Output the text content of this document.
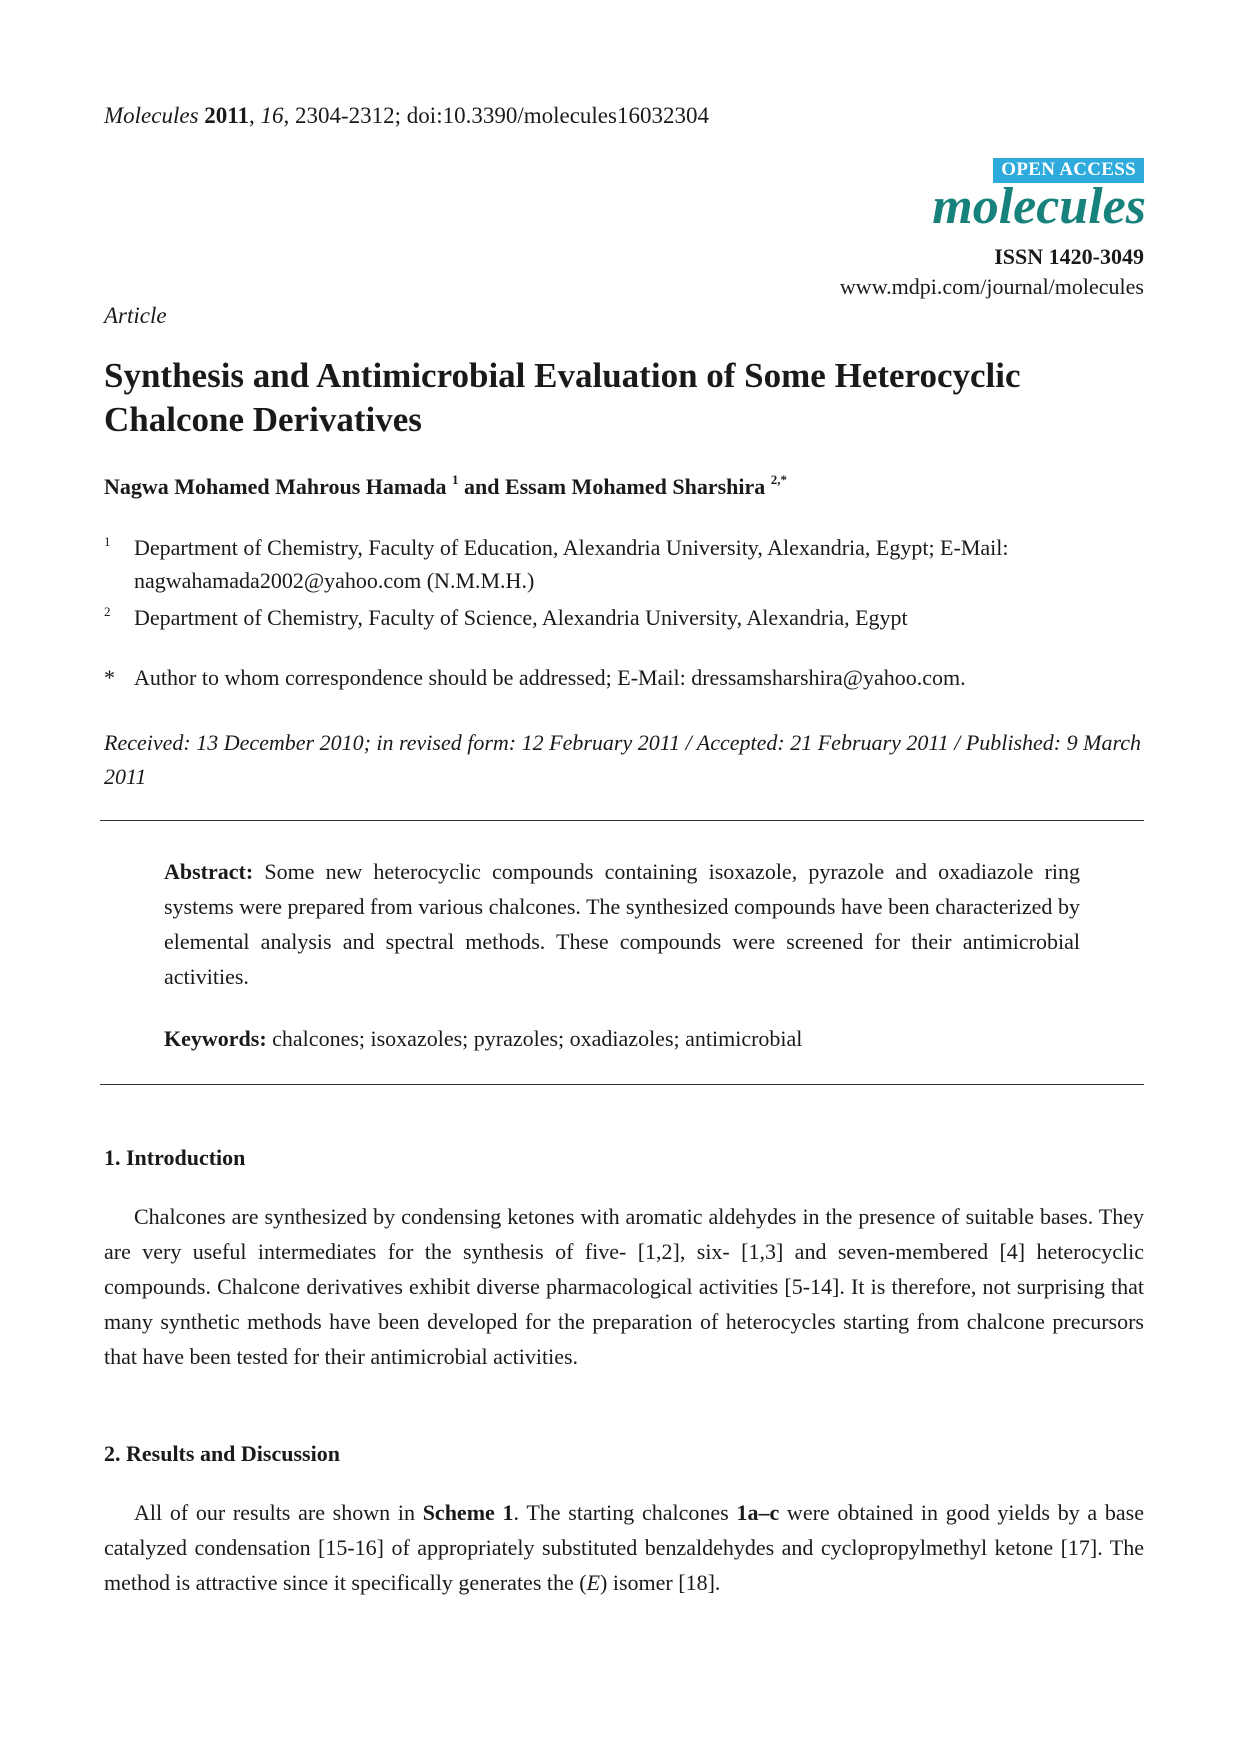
Molecules 2011, 16, 2304-2312; doi:10.3390/molecules16032304
OPEN ACCESS
molecules
ISSN 1420-3049
www.mdpi.com/journal/molecules
Article
Synthesis and Antimicrobial Evaluation of Some Heterocyclic Chalcone Derivatives
Nagwa Mohamed Mahrous Hamada $^1$ and Essam Mohamed Sharshira $^{2,*}$
1 Department of Chemistry, Faculty of Education, Alexandria University, Alexandria, Egypt; E-Mail: nagwahamada2002@yahoo.com (N.M.M.H.)
2 Department of Chemistry, Faculty of Science, Alexandria University, Alexandria, Egypt
* Author to whom correspondence should be addressed; E-Mail: dressamsharshira@yahoo.com.
Received: 13 December 2010; in revised form: 12 February 2011 / Accepted: 21 February 2011 / Published: 9 March 2011
Abstract: Some new heterocyclic compounds containing isoxazole, pyrazole and oxadiazole ring systems were prepared from various chalcones. The synthesized compounds have been characterized by elemental analysis and spectral methods. These compounds were screened for their antimicrobial activities.
Keywords: chalcones; isoxazoles; pyrazoles; oxadiazoles; antimicrobial
1. Introduction
Chalcones are synthesized by condensing ketones with aromatic aldehydes in the presence of suitable bases. They are very useful intermediates for the synthesis of five- [1,2], six- [1,3] and seven-membered [4] heterocyclic compounds. Chalcone derivatives exhibit diverse pharmacological activities [5-14]. It is therefore, not surprising that many synthetic methods have been developed for the preparation of heterocycles starting from chalcone precursors that have been tested for their antimicrobial activities.
2. Results and Discussion
All of our results are shown in Scheme 1. The starting chalcones 1a–c were obtained in good yields by a base catalyzed condensation [15-16] of appropriately substituted benzaldehydes and cyclopropylmethyl ketone [17]. The method is attractive since it specifically generates the (E) isomer [18].
